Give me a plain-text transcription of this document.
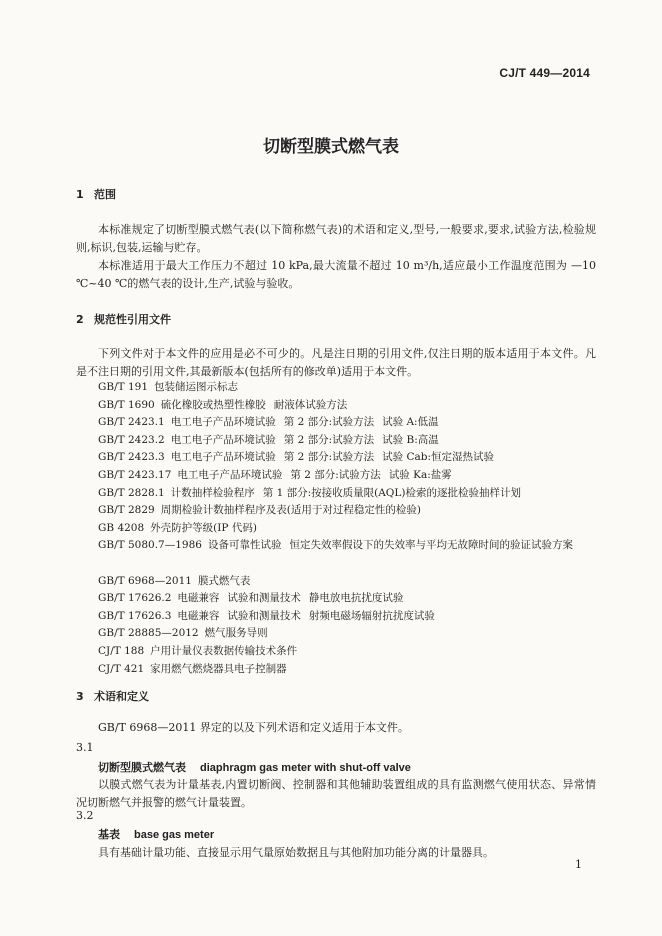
CJ/T 449—2014
切断型膜式燃气表
1 范围
本标准规定了切断型膜式燃气表(以下简称燃气表)的术语和定义,型号,一般要求,要求,试验方法,检验规则,标识,包装,运输与贮存。
本标准适用于最大工作压力不超过 10 kPa,最大流量不超过 10 m³/h,适应最小工作温度范围为 —10 ℃~40 ℃的燃气表的设计,生产,试验与验收。
2 规范性引用文件
下列文件对于本文件的应用是必不可少的。凡是注日期的引用文件,仅注日期的版本适用于本文件。凡是不注日期的引用文件,其最新版本(包括所有的修改单)适用于本文件。
GB/T 191 包装储运图示标志
GB/T 1690 硫化橡胶或热塑性橡胶 耐液体试验方法
GB/T 2423.1 电工电子产品环境试验 第 2 部分:试验方法 试验 A:低温
GB/T 2423.2 电工电子产品环境试验 第 2 部分:试验方法 试验 B:高温
GB/T 2423.3 电工电子产品环境试验 第 2 部分:试验方法 试验 Cab:恒定湿热试验
GB/T 2423.17 电工电子产品环境试验 第 2 部分:试验方法 试验 Ka:盐雾
GB/T 2828.1 计数抽样检验程序 第 1 部分:按接收质量限(AQL)检索的逐批检验抽样计划
GB/T 2829 周期检验计数抽样程序及表(适用于对过程稳定性的检验)
GB 4208 外壳防护等级(IP 代码)
GB/T 5080.7—1986 设备可靠性试验 恒定失效率假设下的失效率与平均无故障时间的验证试验方案
GB/T 6968—2011 膜式燃气表
GB/T 17626.2 电磁兼容 试验和测量技术 静电放电抗扰度试验
GB/T 17626.3 电磁兼容 试验和测量技术 射频电磁场辐射抗扰度试验
GB/T 28885—2012 燃气服务导则
CJ/T 188 户用计量仪表数据传输技术条件
CJ/T 421 家用燃气燃烧器具电子控制器
3 术语和定义
GB/T 6968—2011 界定的以及下列术语和定义适用于本文件。
3.1
切断型膜式燃气表 diaphragm gas meter with shut-off valve
以膜式燃气表为计量基表,内置切断阀、控制器和其他辅助装置组成的具有监测燃气使用状态、异常情况切断燃气并报警的燃气计量装置。
3.2
基表 base gas meter
具有基础计量功能、直接显示用气量原始数据且与其他附加功能分离的计量器具。
1
